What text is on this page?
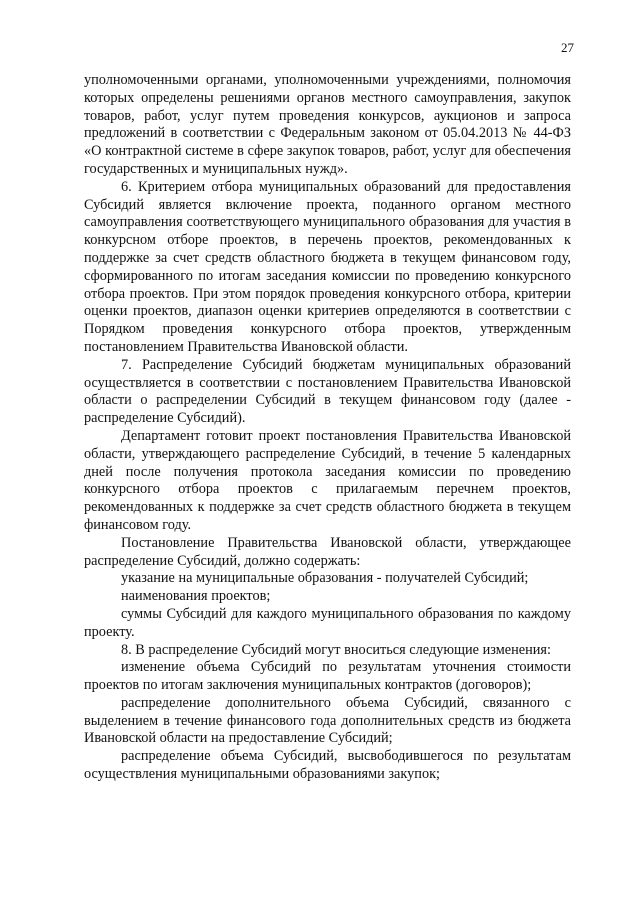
27

уполномоченными органами, уполномоченными учреждениями, полномочия которых определены решениями органов местного самоуправления, закупок товаров, работ, услуг путем проведения конкурсов, аукционов и запроса предложений в соответствии с Федеральным законом от 05.04.2013 № 44-ФЗ «О контрактной системе в сфере закупок товаров, работ, услуг для обеспечения государственных и муниципальных нужд».

6. Критерием отбора муниципальных образований для предоставления Субсидий является включение проекта, поданного органом местного самоуправления соответствующего муниципального образования для участия в конкурсном отборе проектов, в перечень проектов, рекомендованных к поддержке за счет средств областного бюджета в текущем финансовом году, сформированного по итогам заседания комиссии по проведению конкурсного отбора проектов. При этом порядок проведения конкурсного отбора, критерии оценки проектов, диапазон оценки критериев определяются в соответствии с Порядком проведения конкурсного отбора проектов, утвержденным постановлением Правительства Ивановской области.

7. Распределение Субсидий бюджетам муниципальных образований осуществляется в соответствии с постановлением Правительства Ивановской области о распределении Субсидий в текущем финансовом году (далее - распределение Субсидий).

Департамент готовит проект постановления Правительства Ивановской области, утверждающего распределение Субсидий, в течение 5 календарных дней после получения протокола заседания комиссии по проведению конкурсного отбора проектов с прилагаемым перечнем проектов, рекомендованных к поддержке за счет средств областного бюджета в текущем финансовом году.

Постановление Правительства Ивановской области, утверждающее распределение Субсидий, должно содержать:

указание на муниципальные образования - получателей Субсидий;

наименования проектов;

суммы Субсидий для каждого муниципального образования по каждому проекту.

8. В распределение Субсидий могут вноситься следующие изменения:

изменение объема Субсидий по результатам уточнения стоимости проектов по итогам заключения муниципальных контрактов (договоров);

распределение дополнительного объема Субсидий, связанного с выделением в течение финансового года дополнительных средств из бюджета Ивановской области на предоставление Субсидий;

распределение объема Субсидий, высвободившегося по результатам осуществления муниципальными образованиями закупок;
